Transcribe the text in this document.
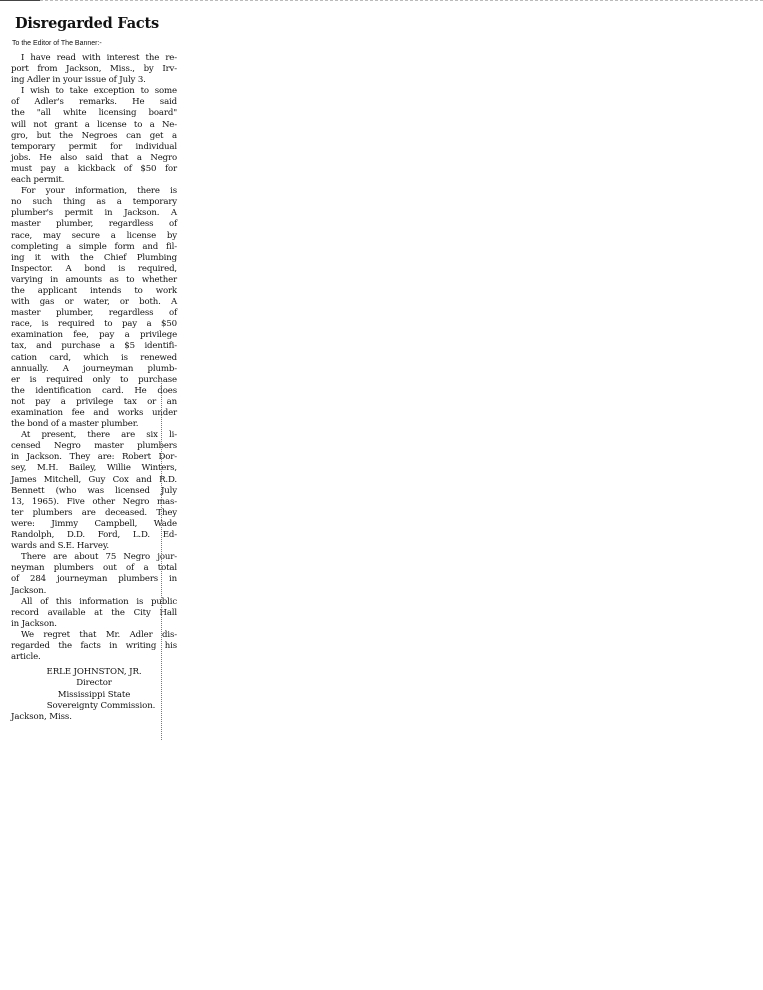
Disregarded Facts
To the Editor of The Banner:-
I have read with interest the re-
port from Jackson, Miss., by Irv-
ing Adler in your issue of July 3.
I wish to take exception to some
of Adler's remarks. He said
the "all white licensing board"
will not grant a license to a Ne-
gro, but the Negroes can get a
temporary permit for individual
jobs. He also said that a Negro
must pay a kickback of $50 for
each permit.
For your information, there is
no such thing as a temporary
plumber's permit in Jackson. A
master plumber, regardless of
race, may secure a license by
completing a simple form and fil-
ing it with the Chief Plumbing
Inspector. A bond is required,
varying in amounts as to whether
the applicant intends to work
with gas or water, or both. A
master plumber, regardless of
race, is required to pay a $50
examination fee, pay a privilege
tax, and purchase a $5 identifi-
cation card, which is renewed
annually. A journeyman plumb-
er is required only to purchase
the identification card. He does
not pay a privilege tax or an
examination fee and works under
the bond of a master plumber.
At present, there are six li-
censed Negro master plumbers
in Jackson. They are: Robert Dor-
sey, M.H. Bailey, Willie Winters,
James Mitchell, Guy Cox and R.D.
Bennett (who was licensed July
13, 1965). Five other Negro mas-
ter plumbers are deceased. They
were: Jimmy Campbell, Wade
Randolph, D.D. Ford, L.D. Ed-
wards and S.E. Harvey.
There are about 75 Negro jour-
neyman plumbers out of a total
of 284 journeyman plumbers in
Jackson.
All of this information is public
record available at the City Hall
in Jackson.
We regret that Mr. Adler dis-
regarded the facts in writing his
article.
ERLE JOHNSTON, JR.
Director
Mississippi State
Sovereignty Commission.
Jackson, Miss.
